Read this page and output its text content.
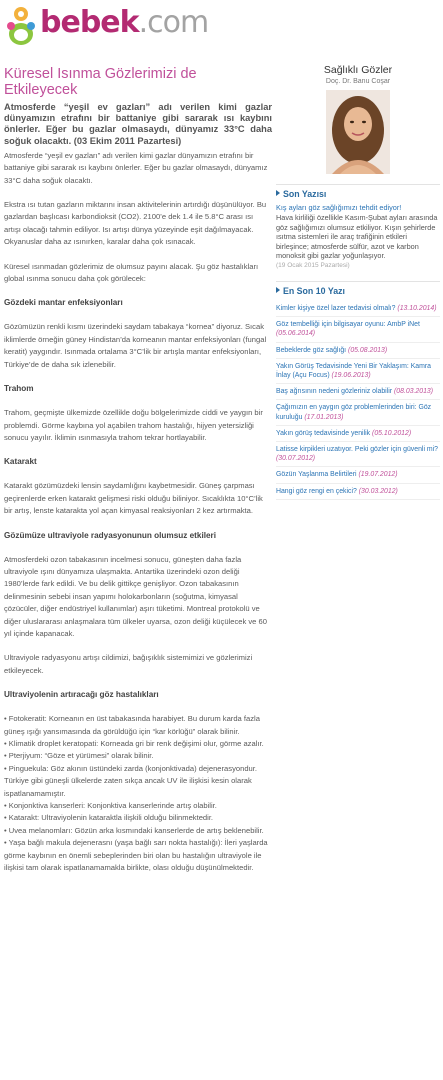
bebek.com
Küresel Isınma Gözlerimizi de Etkileyecek
Atmosferde “yeşil ev gazları” adı verilen kimi gazlar dünyamızın etrafını bir battaniye gibi sararak ısı kaybını önlerler. Eğer bu gazlar olmasaydı, dünyamız 33°C daha soğuk olacaktı. (03 Ekim 2011 Pazartesi)

Atmosferde “yeşil ev gazları” adı verilen kimi gazlar dünyamızın etrafını bir battaniye gibi sararak ısı kaybını önlerler. Eğer bu gazlar olmasaydı, dünyamız 33°C daha soğuk olacaktı.

Ekstra ısı tutan gazların miktarını insan aktivitelerinin artırdığı düşünülüyor. Bu gazlardan başlıcası karbondioksit (CO2). 2100’e dek 1.4 ile 5.8°C arası ısı artışı olacağı tahmin ediliyor. Isı artışı dünya yüzeyinde eşit dağılmayacak. Okyanuslar daha az ısınırken, karalar daha çok ısınacak.

Küresel ısınmadan gözlerimiz de olumsuz payını alacak. Şu göz hastalıkları global ısınma sonucu daha çok görülecek:

Gözdeki mantar enfeksiyonları

Gözümüzün renkli kısmı üzerindeki saydam tabakaya “kornea” diyoruz. Sıcak iklimlerde örneğin güney Hindistan’da korneanın mantar enfeksiyonları (fungal keratit) yaygındır. Isınmada ortalama 3°C’lik bir artışla mantar enfeksiyonları, Türkiye’de de daha sık izlenebilir.

Trahom

Trahom, geçmişte ülkemizde özellikle doğu bölgelerimizde ciddi ve yaygın bir problemdi. Görme kaybına yol açabilen trahom hastalığı, hijyen yetersizliği sonucu yayılır. İklimin ısınmasıyla trahom tekrar hortlayabilir.

Katarakt

Katarakt gözümüzdeki lensin saydamlığını kaybetmesidir. Güneş çarpması geçirenlerde erken katarakt gelişmesi riski olduğu biliniyor. Sıcaklıkta 10°C’lik bir artış, lenste katarakta yol açan kimyasal reaksiyonları 2 kez artırmakta.

Gözümüze ultraviyole radyasyonunun olumsuz etkileri

Atmosferdeki ozon tabakasının incelmesi sonucu, güneşten daha fazla ultraviyole ışını dünyamıza ulaşmakta. Antartika üzerindeki ozon deliği 1980’lerde fark edildi. Ve bu delik gittikçe genişliyor. Ozon tabakasının delinmesinin sebebi insan yapımı holokarbonların (soğutma, kimyasal çözücüler, diğer endüstriyel kullanımlar) aşırı tüketimi. Montreal protokolü ve diğer uluslararası anlaşmalara tüm ülkeler uyarsa, ozon deliği küçülecek ve 60 yıl içinde kapanacak.

Ultraviyole radyasyonu artışı cildimizi, bağışıklık sistemimizi ve gözlerimizi etkileyecek.

Ultraviyolenin artıracağı göz hastalıkları
• Fotokeratit: Korneanın en üst tabakasında harabiyet. Bu durum karda fazla güneş ışığı yansımasında da görüldüğü için “kar körlüğü” olarak bilinir.
• Klimatik droplet keratopati: Korneada gri bir renk değişimi olur, görme azalır.
• Pterjiyum: “Göze et yürümesi” olarak bilinir.
• Pinguekula: Göz akının üstündeki zarda (konjonktivada) dejenerasyondur. Türkiye gibi güneşli ülkelerde zaten sıkça ancak UV ile ilişkisi kesin olarak ispatlanamamıştır.
• Konjonktiva kanserleri: Konjonktiva kanserlerinde artış olabilir.
• Katarakt: Ultraviyolenin kataraktla ilişkili olduğu bilinmektedir.
• Uvea melanomları: Gözün arka kısmındaki kanserlerde de artış beklenebilir.
• Yaşa bağlı makula dejenerasnı (yaşa bağlı sarı nokta hastalığı): İleri yaşlarda görme kaybının en önemli sebeplerinden biri olan bu hastalığın ultraviyole ile ilişkisi tam olarak ispatlanamamakla birlikte, olası olduğu düşünülmektedir.
Sağlıklı Gözler
Doç. Dr. Banu Coşar
Son Yazısı
Kış ayları göz sağlığımızı tehdit ediyor!
Hava kirliliği özellikle Kasım-Şubat ayları arasında göz sağlığımızı olumsuz etkiliyor. Kışın şehirlerde ısıtma sistemleri ile araç trafiğinin etkileri birleşince; atmosferde sülfür, azot ve karbon monoksit gibi gazlar yoğunlaşıyor.
(19 Ocak 2015 Pazartesi)
En Son 10 Yazı
Kimler kişiye özel lazer tedavisi olmalı? (13.10.2014)
Göz tembelliği için bilgisayar oyunu: AmbP iNet (05.06.2014)
Bebeklerde göz sağlığı (05.08.2013)
Yakın Görüş Tedavisinde Yeni Bir Yaklaşım: Kamra İnlay (Açu Focus) (19.06.2013)
Baş ağrısının nedeni gözleriniz olabilir (08.03.2013)
Çağımızın en yaygın göz problemlerinden biri: Göz kuruluğu (17.01.2013)
Yakın görüş tedavisinde yenilik (05.10.2012)
Latisse kirpikleri uzatıyor. Peki gözler için güvenli mi? (30.07.2012)
Gözün Yaşlanma Belirtileri (19.07.2012)
Hangi göz rengi en çekici? (30.03.2012)
